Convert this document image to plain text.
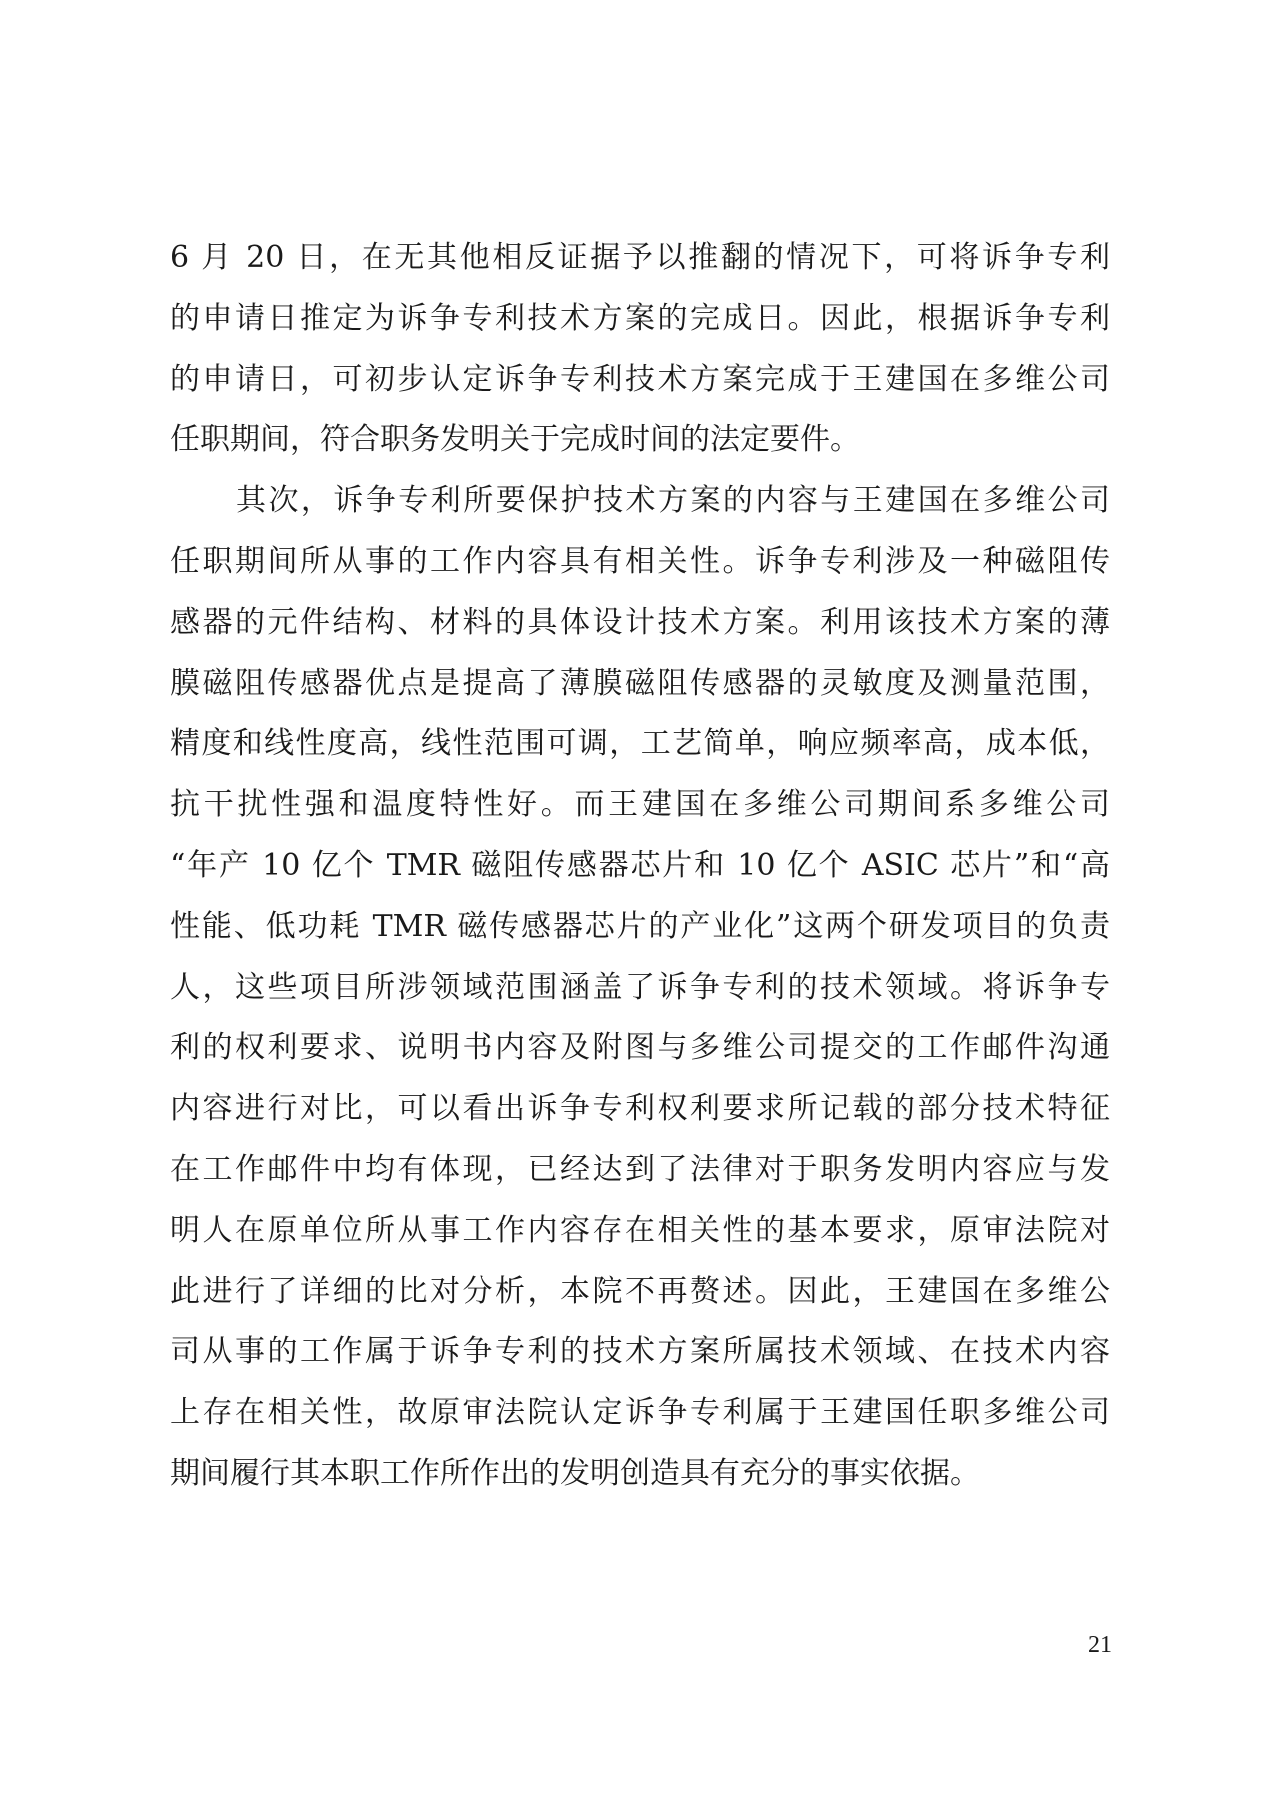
6 月 20 日，在无其他相反证据予以推翻的情况下，可将诉争专利
的申请日推定为诉争专利技术方案的完成日。因此，根据诉争专利
的申请日，可初步认定诉争专利技术方案完成于王建国在多维公司
任职期间，符合职务发明关于完成时间的法定要件。
其次，诉争专利所要保护技术方案的内容与王建国在多维公司
任职期间所从事的工作内容具有相关性。诉争专利涉及一种磁阻传
感器的元件结构、材料的具体设计技术方案。利用该技术方案的薄
膜磁阻传感器优点是提高了薄膜磁阻传感器的灵敏度及测量范围，
精度和线性度高，线性范围可调，工艺简单，响应频率高，成本低，
抗干扰性强和温度特性好。而王建国在多维公司期间系多维公司
“年产 10 亿个 TMR 磁阻传感器芯片和 10 亿个 ASIC 芯片”和“高
性能、低功耗 TMR 磁传感器芯片的产业化”这两个研发项目的负责
人，这些项目所涉领域范围涵盖了诉争专利的技术领域。将诉争专
利的权利要求、说明书内容及附图与多维公司提交的工作邮件沟通
内容进行对比，可以看出诉争专利权利要求所记载的部分技术特征
在工作邮件中均有体现，已经达到了法律对于职务发明内容应与发
明人在原单位所从事工作内容存在相关性的基本要求，原审法院对
此进行了详细的比对分析，本院不再赘述。因此，王建国在多维公
司从事的工作属于诉争专利的技术方案所属技术领域、在技术内容
上存在相关性，故原审法院认定诉争专利属于王建国任职多维公司
期间履行其本职工作所作出的发明创造具有充分的事实依据。
21
